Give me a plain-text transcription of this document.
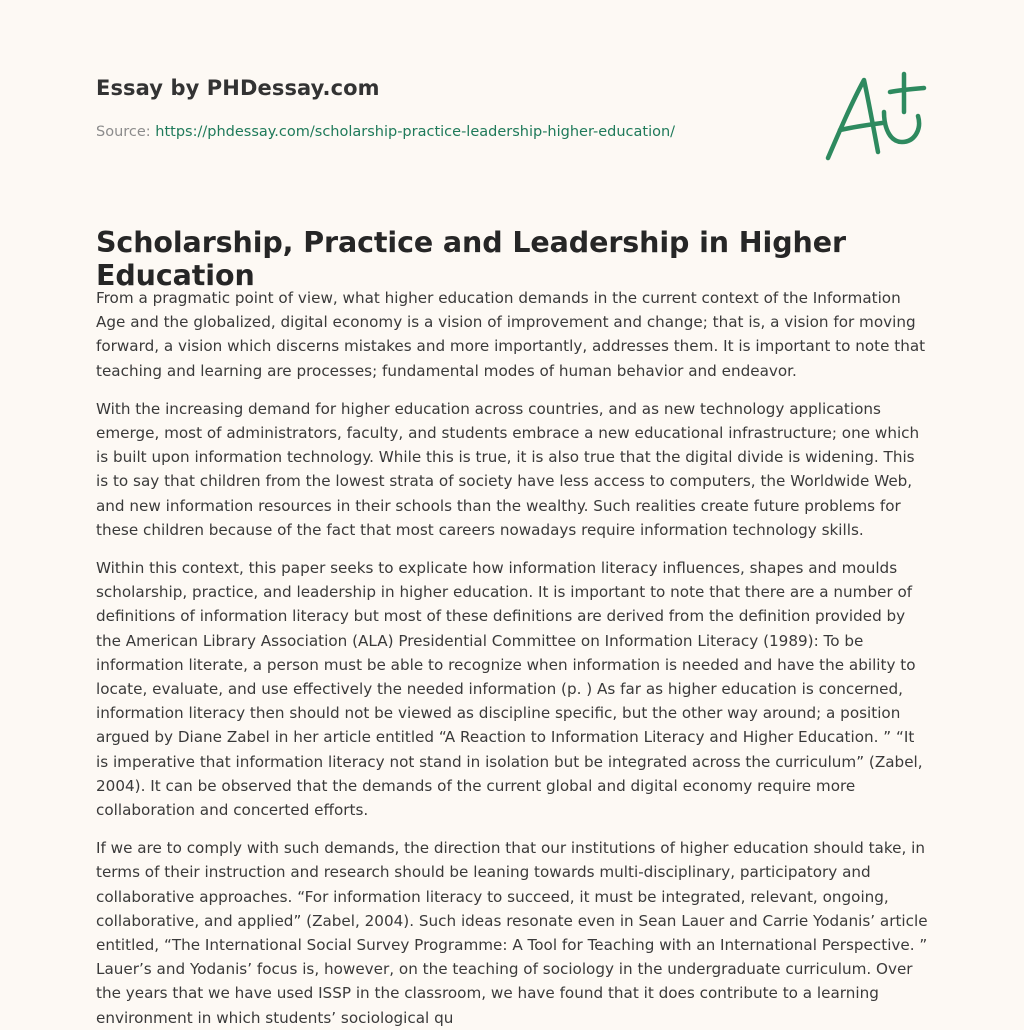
Essay by PHDessay.com

Source: https://phdessay.com/scholarship-practice-leadership-higher-education/

Scholarship, Practice and Leadership in Higher Education

From a pragmatic point of view, what higher education demands in the current context of the Information Age and the globalized, digital economy is a vision of improvement and change; that is, a vision for moving forward, a vision which discerns mistakes and more importantly, addresses them. It is important to note that teaching and learning are processes; fundamental modes of human behavior and endeavor.

With the increasing demand for higher education across countries, and as new technology applications emerge, most of administrators, faculty, and students embrace a new educational infrastructure; one which is built upon information technology. While this is true, it is also true that the digital divide is widening. This is to say that children from the lowest strata of society have less access to computers, the Worldwide Web, and new information resources in their schools than the wealthy. Such realities create future problems for these children because of the fact that most careers nowadays require information technology skills.

Within this context, this paper seeks to explicate how information literacy influences, shapes and moulds scholarship, practice, and leadership in higher education. It is important to note that there are a number of definitions of information literacy but most of these definitions are derived from the definition provided by the American Library Association (ALA) Presidential Committee on Information Literacy (1989): To be information literate, a person must be able to recognize when information is needed and have the ability to locate, evaluate, and use effectively the needed information (p. ) As far as higher education is concerned, information literacy then should not be viewed as discipline specific, but the other way around; a position argued by Diane Zabel in her article entitled “A Reaction to Information Literacy and Higher Education. ” “It is imperative that information literacy not stand in isolation but be integrated across the curriculum” (Zabel, 2004). It can be observed that the demands of the current global and digital economy require more collaboration and concerted efforts.

If we are to comply with such demands, the direction that our institutions of higher education should take, in terms of their instruction and research should be leaning towards multi-disciplinary, participatory and collaborative approaches. “For information literacy to succeed, it must be integrated, relevant, ongoing, collaborative, and applied” (Zabel, 2004). Such ideas resonate even in Sean Lauer and Carrie Yodanis’ article entitled, “The International Social Survey Programme: A Tool for Teaching with an International Perspective. ” Lauer’s and Yodanis’ focus is, however, on the teaching of sociology in the undergraduate curriculum. Over the years that we have used ISSP in the classroom, we have found that it does contribute to a learning environment in which students’ sociological qu
